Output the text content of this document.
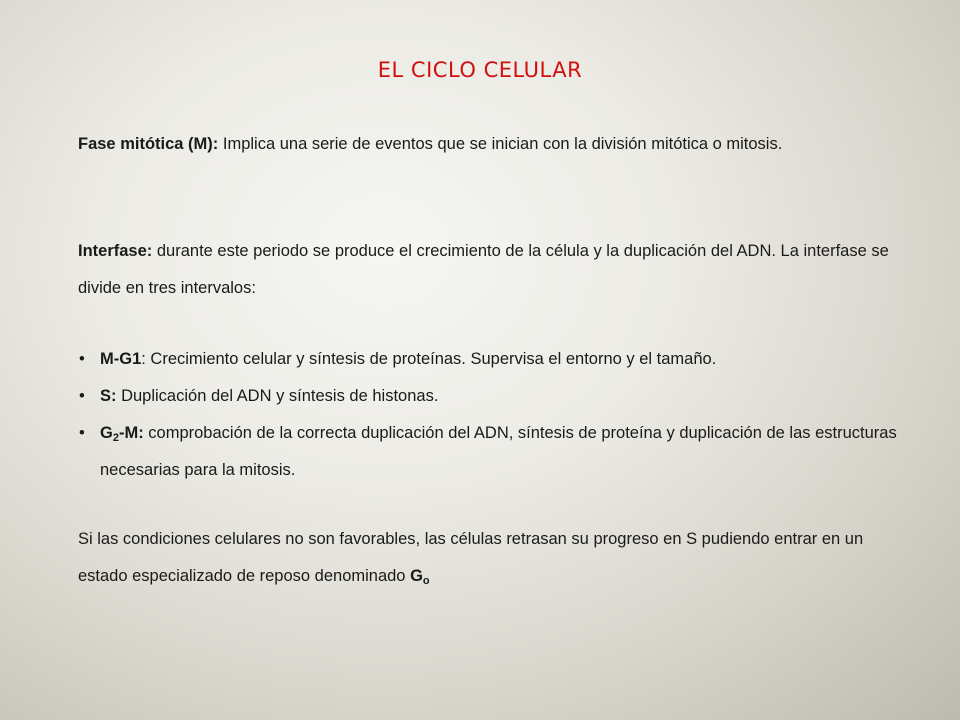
EL CICLO CELULAR

Fase mitótica (M): Implica una serie de eventos que se inician con la división mitótica o mitosis.

Interfase: durante este periodo se produce el crecimiento de la célula y la duplicación del ADN. La interfase se divide en tres intervalos:

• M-G1: Crecimiento celular y síntesis de proteínas. Supervisa el entorno y el tamaño.
• S: Duplicación del ADN y síntesis de histonas.
• $G_2-M$: comprobación de la correcta duplicación del ADN, síntesis de proteína y duplicación de las estructuras necesarias para la mitosis.

Si las condiciones celulares no son favorables, las células retrasan su progreso en S pudiendo entrar en un estado especializado de reposo denominado $G_o$
